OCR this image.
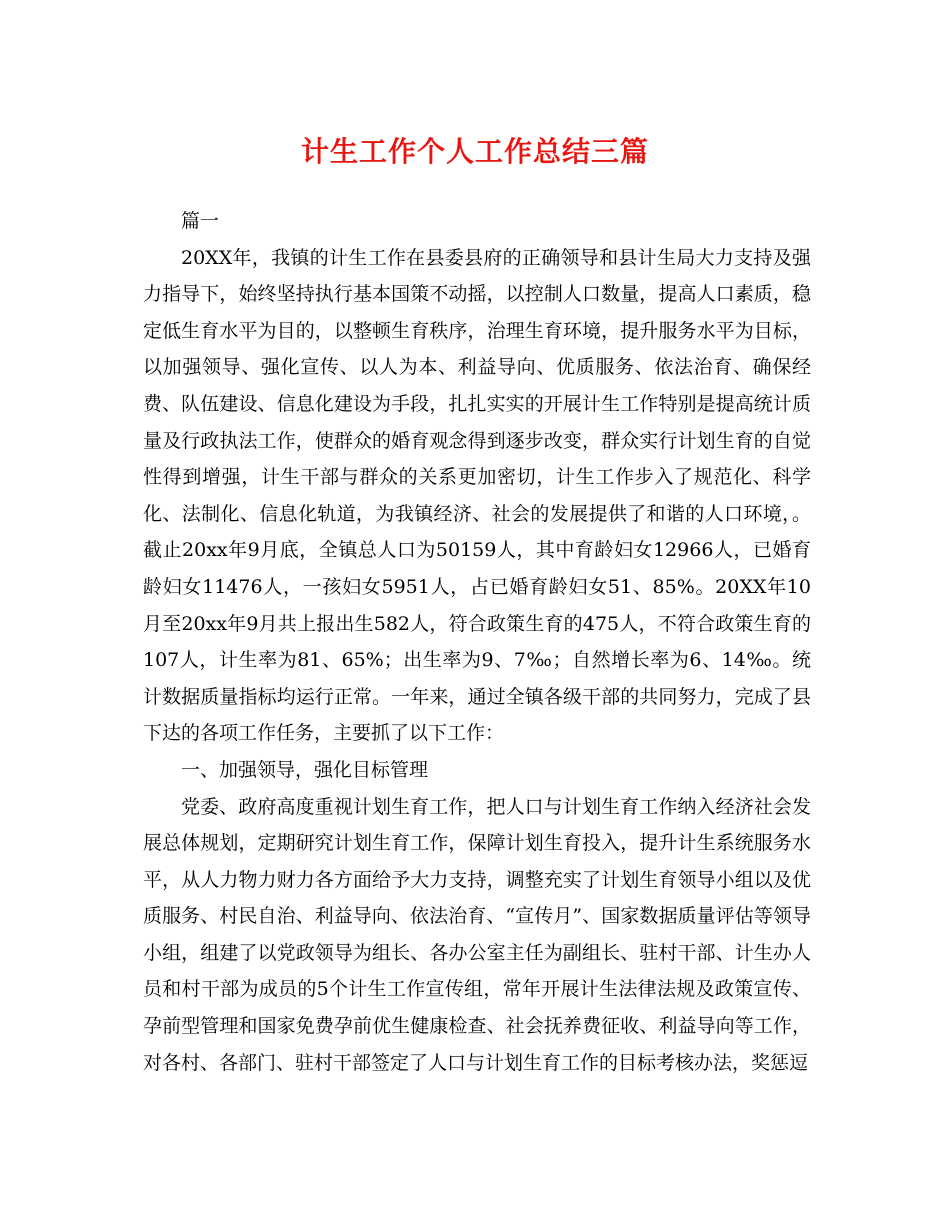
计生工作个人工作总结三篇

篇一

20XX年，我镇的计生工作在县委县府的正确领导和县计生局大力支持及强力指导下，始终坚持执行基本国策不动摇，以控制人口数量，提高人口素质，稳定低生育水平为目的，以整顿生育秩序，治理生育环境，提升服务水平为目标，以加强领导、强化宣传、以人为本、利益导向、优质服务、依法治育、确保经费、队伍建设、信息化建设为手段，扎扎实实的开展计生工作特别是提高统计质量及行政执法工作，使群众的婚育观念得到逐步改变，群众实行计划生育的自觉性得到增强，计生干部与群众的关系更加密切，计生工作步入了规范化、科学化、法制化、信息化轨道，为我镇经济、社会的发展提供了和谐的人口环境，。截止20xx年9月底，全镇总人口为50159人，其中育龄妇女12966人，已婚育龄妇女11476人，一孩妇女5951人，占已婚育龄妇女51、85%。20XX年10月至20xx年9月共上报出生582人，符合政策生育的475人，不符合政策生育的107人，计生率为81、65%；出生率为9、7‰；自然增长率为6、14‰。统计数据质量指标均运行正常。一年来，通过全镇各级干部的共同努力，完成了县下达的各项工作任务，主要抓了以下工作：

一、加强领导，强化目标管理

党委、政府高度重视计划生育工作，把人口与计划生育工作纳入经济社会发展总体规划，定期研究计划生育工作，保障计划生育投入，提升计生系统服务水平，从人力物力财力各方面给予大力支持，调整充实了计划生育领导小组以及优质服务、村民自治、利益导向、依法治育、“宣传月”、国家数据质量评估等领导小组，组建了以党政领导为组长、各办公室主任为副组长、驻村干部、计生办人员和村干部为成员的5个计生工作宣传组，常年开展计生法律法规及政策宣传、孕前型管理和国家免费孕前优生健康检查、社会抚养费征收、利益导向等工作，对各村、各部门、驻村干部签定了人口与计划生育工作的目标考核办法，奖惩逗
